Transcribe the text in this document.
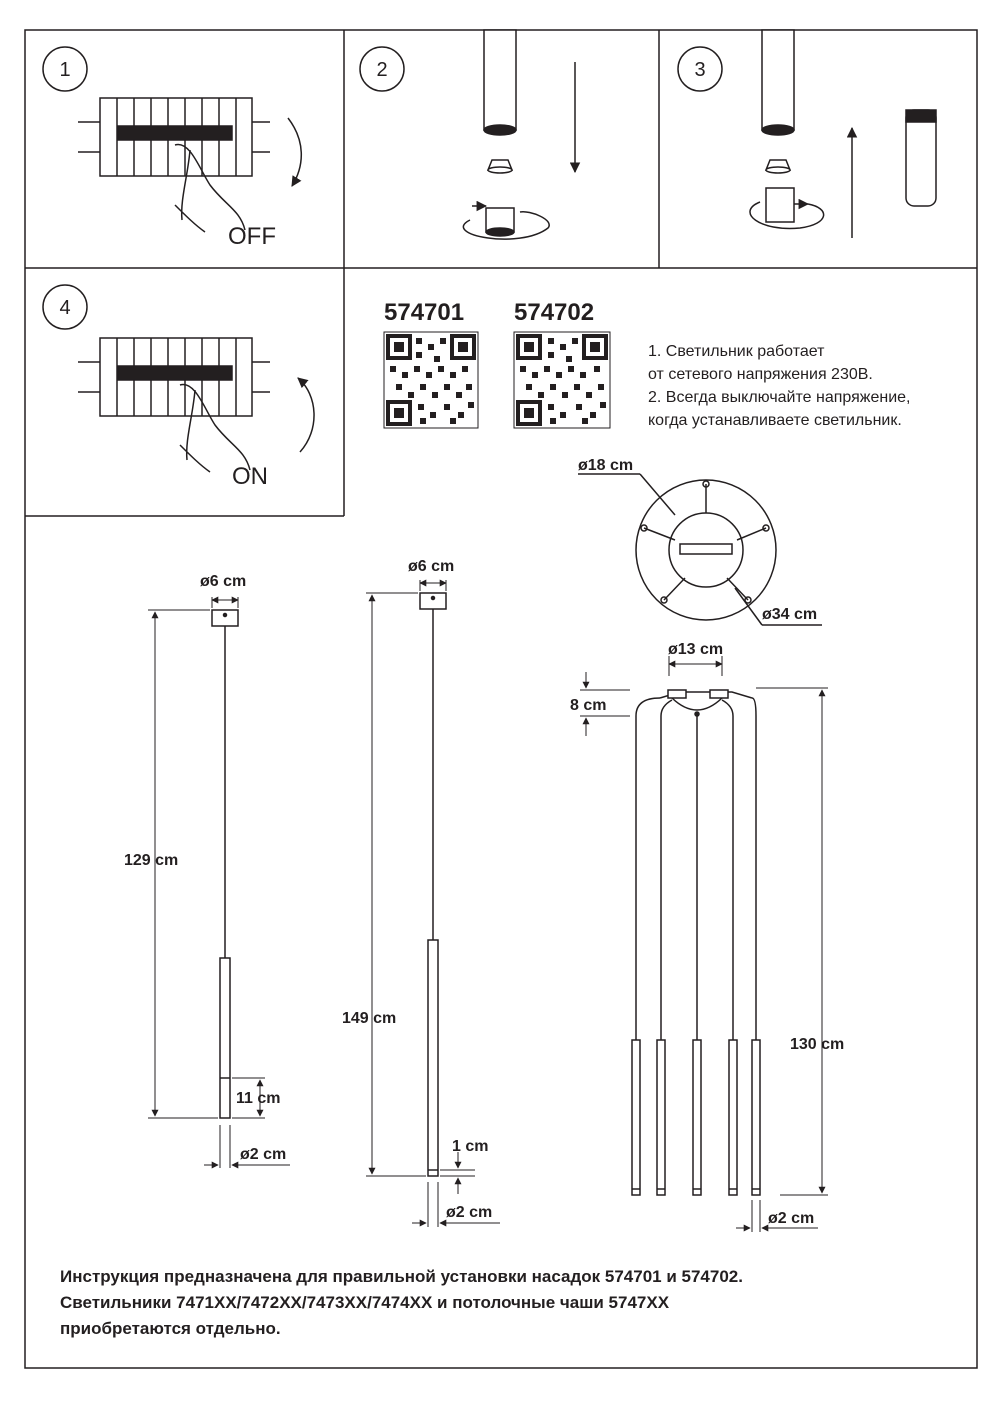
1
OFF
2	3
4
ON
574701 574702
1. Светильник работает
от сетевого напряжения 230В.
2. Всегда выключайте напряжение,
когда устанавливаете светильник.
ø18 cm
ø34 cm
ø6 cm
129 cm
11 cm
ø2 cm
ø6 cm
149 cm
1 cm
ø2 cm
ø13 cm
8 cm
130 cm
ø2 cm
Инструкция предназначена для правильной установки насадок 574701 и 574702.
Светильники 7471XX/7472XX/7473XX/7474XX и потолочные чаши 5747XX
приобретаются отдельно.
